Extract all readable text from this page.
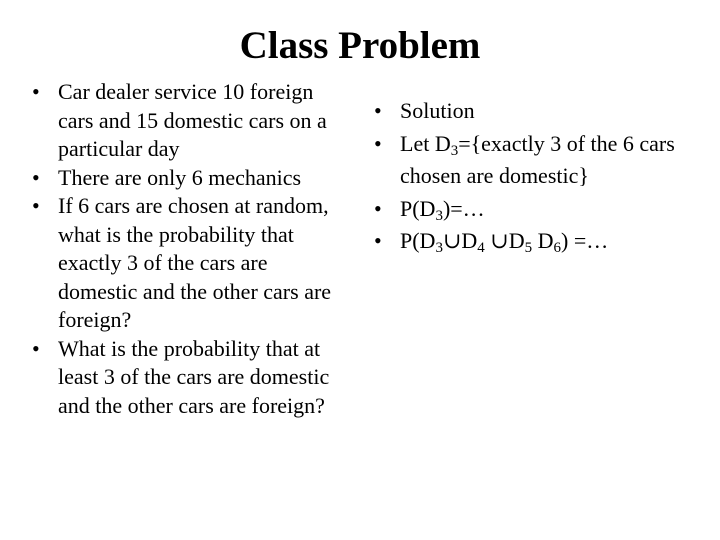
Class Problem
• Car dealer service 10 foreign cars and 15 domestic cars on a particular day
• There are only 6 mechanics
• If 6 cars are chosen at random, what is the probability that exactly 3 of the cars are domestic and the other cars are foreign?
• What is the probability that at least 3 of the cars are domestic and the other cars are foreign?
• Solution
• Let $D_3=\{exactly$ 3 of the 6 cars chosen are domestic}
• $P(D_3)=\dots$
• $P(D_3\cup D_4$ $\cup D_5$ $D_6$) =…
